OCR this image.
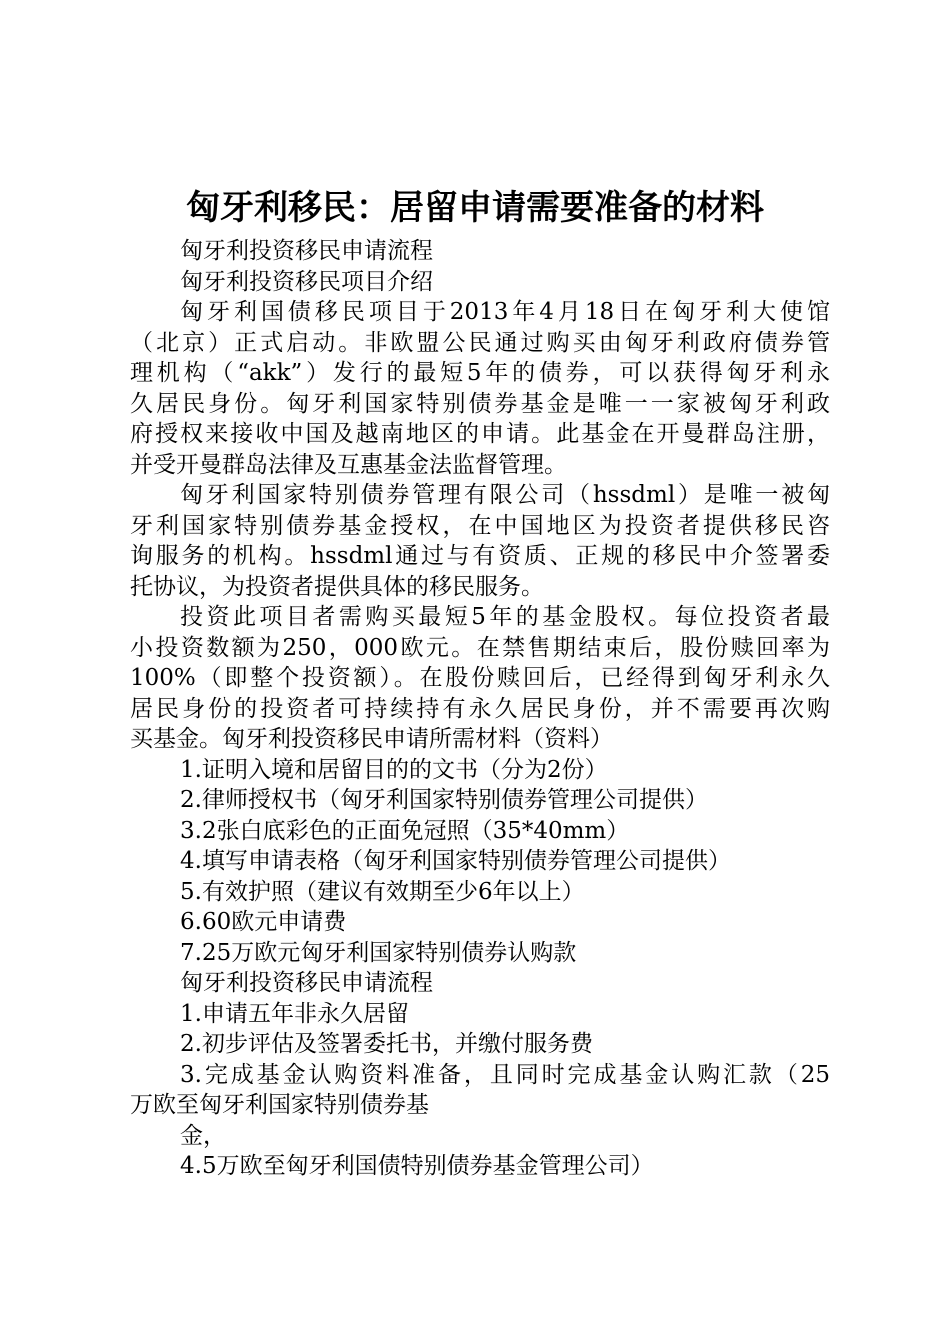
匈牙利移民：居留申请需要准备的材料
匈牙利投资移民申请流程
匈牙利投资移民项目介绍
匈牙利国债移民项目于2013年4月18日在匈牙利大使馆
（北京）正式启动。非欧盟公民通过购买由匈牙利政府债券管
理机构（“akk”）发行的最短5年的债券，可以获得匈牙利永
久居民身份。匈牙利国家特别债券基金是唯一一家被匈牙利政
府授权来接收中国及越南地区的申请。此基金在开曼群岛注册，
并受开曼群岛法律及互惠基金法监督管理。
匈牙利国家特别债券管理有限公司（hssdml）是唯一被匈
牙利国家特别债券基金授权，在中国地区为投资者提供移民咨
询服务的机构。hssdml通过与有资质、正规的移民中介签署委
托协议，为投资者提供具体的移民服务。
投资此项目者需购买最短5年的基金股权。每位投资者最
小投资数额为250，000欧元。在禁售期结束后，股份赎回率为
100%（即整个投资额）。在股份赎回后，已经得到匈牙利永久
居民身份的投资者可持续持有永久居民身份，并不需要再次购
买基金。匈牙利投资移民申请所需材料（资料）
1.证明入境和居留目的的文书（分为2份）
2.律师授权书（匈牙利国家特别债券管理公司提供）
3.2张白底彩色的正面免冠照（35*40mm）
4.填写申请表格（匈牙利国家特别债券管理公司提供）
5.有效护照（建议有效期至少6年以上）
6.60欧元申请费
7.25万欧元匈牙利国家特别债券认购款
匈牙利投资移民申请流程
1.申请五年非永久居留
2.初步评估及签署委托书，并缴付服务费
3.完成基金认购资料准备，且同时完成基金认购汇款（25
万欧至匈牙利国家特别债券基
金，
4.5万欧至匈牙利国债特别债券基金管理公司）
